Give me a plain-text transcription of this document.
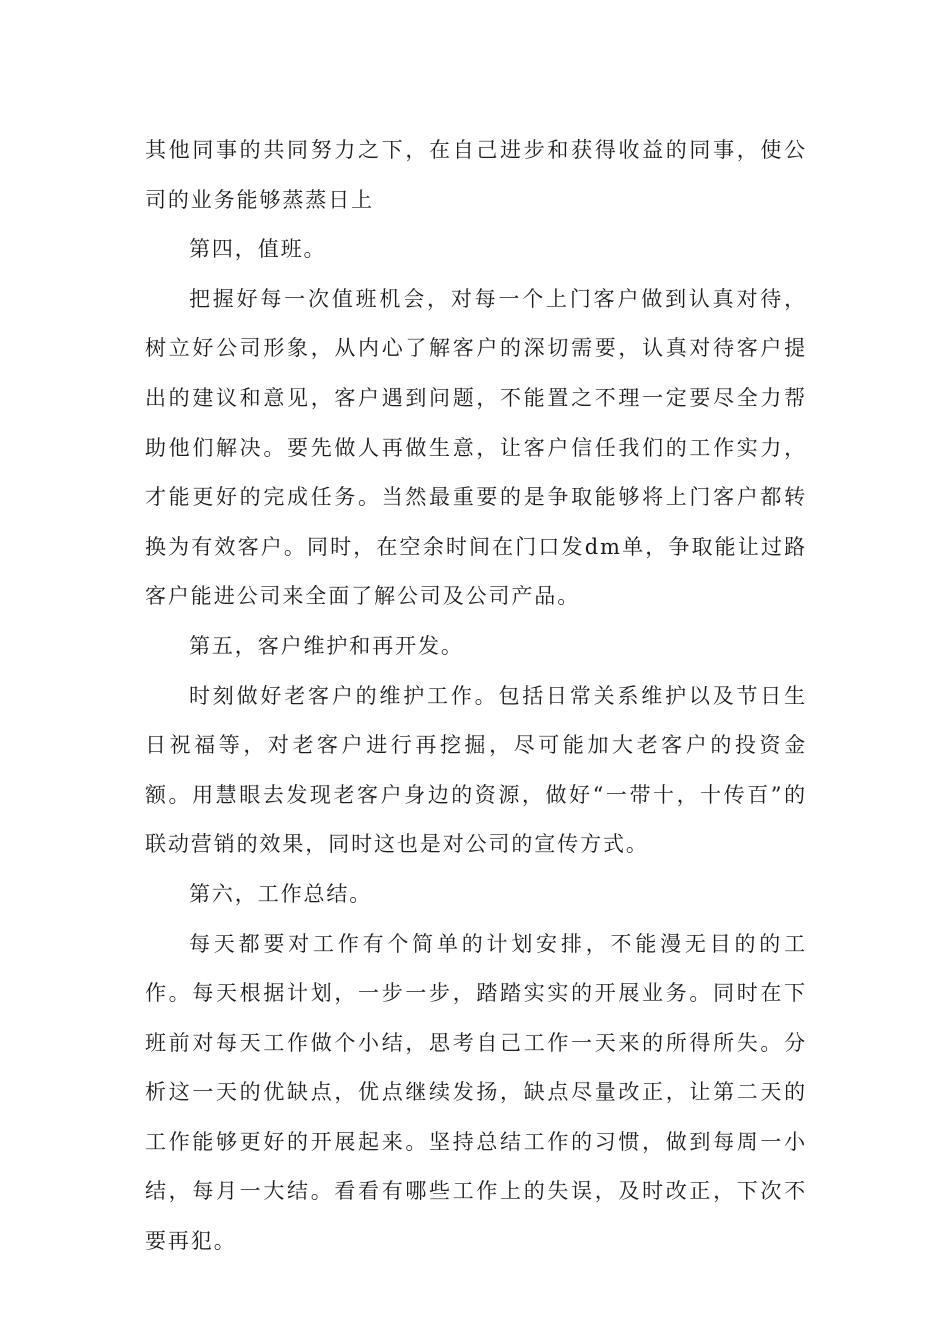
其他同事的共同努力之下，在自己进步和获得收益的同事，使公司的业务能够蒸蒸日上

第四，值班。

把握好每一次值班机会，对每一个上门客户做到认真对待，树立好公司形象，从内心了解客户的深切需要，认真对待客户提出的建议和意见，客户遇到问题，不能置之不理一定要尽全力帮助他们解决。要先做人再做生意，让客户信任我们的工作实力，才能更好的完成任务。当然最重要的是争取能够将上门客户都转换为有效客户。同时，在空余时间在门口发dm单，争取能让过路客户能进公司来全面了解公司及公司产品。

第五，客户维护和再开发。

时刻做好老客户的维护工作。包括日常关系维护以及节日生日祝福等，对老客户进行再挖掘，尽可能加大老客户的投资金额。用慧眼去发现老客户身边的资源，做好“一带十，十传百”的联动营销的效果，同时这也是对公司的宣传方式。

第六，工作总结。

每天都要对工作有个简单的计划安排，不能漫无目的的工作。每天根据计划，一步一步，踏踏实实的开展业务。同时在下班前对每天工作做个小结，思考自己工作一天来的所得所失。分析这一天的优缺点，优点继续发扬，缺点尽量改正，让第二天的工作能够更好的开展起来。坚持总结工作的习惯，做到每周一小结，每月一大结。看看有哪些工作上的失误，及时改正，下次不要再犯。
